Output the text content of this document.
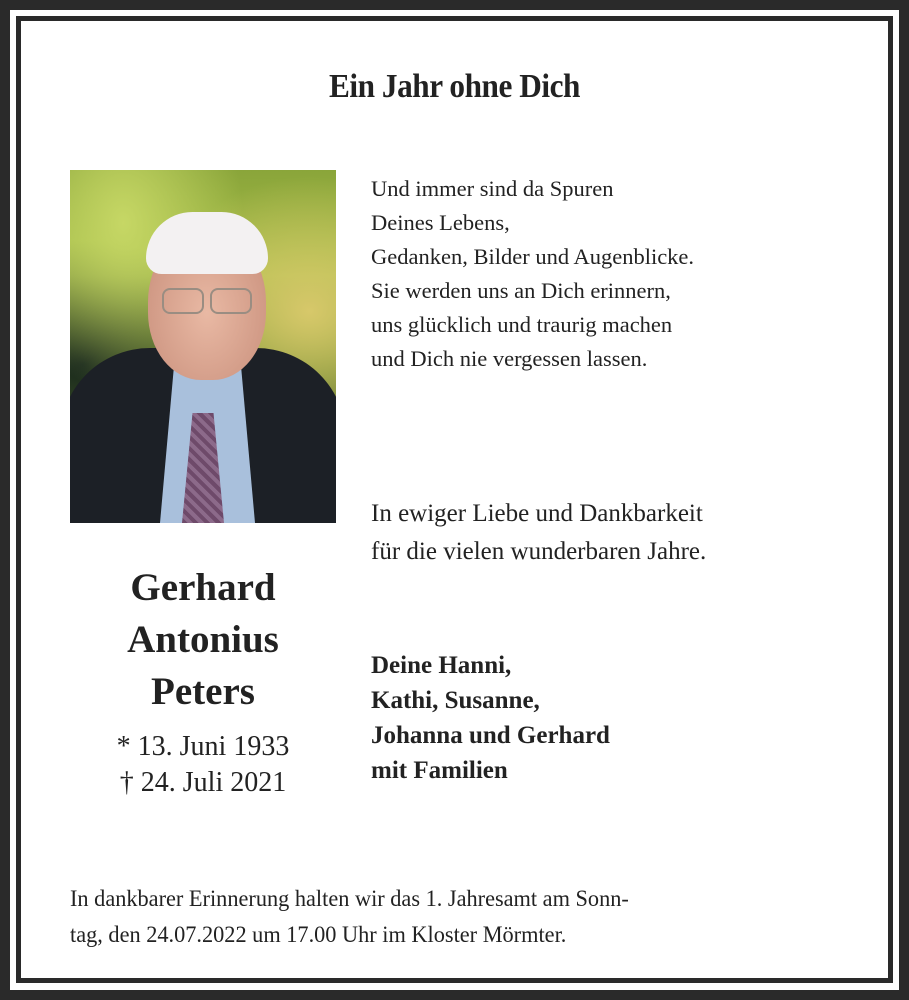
Ein Jahr ohne Dich
Und immer sind da Spuren
Deines Lebens,
Gedanken, Bilder und Augenblicke.
Sie werden uns an Dich erinnern,
uns glücklich und traurig machen
und Dich nie vergessen lassen.
In ewiger Liebe und Dankbarkeit
für die vielen wunderbaren Jahre.
Gerhard
Antonius
Peters
* 13. Juni 1933
† 24. Juli 2021
Deine Hanni,
Kathi, Susanne,
Johanna und Gerhard
mit Familien
In dankbarer Erinnerung halten wir das 1. Jahresamt am Sonn-
tag, den 24.07.2022 um 17.00 Uhr im Kloster Mörmter.
